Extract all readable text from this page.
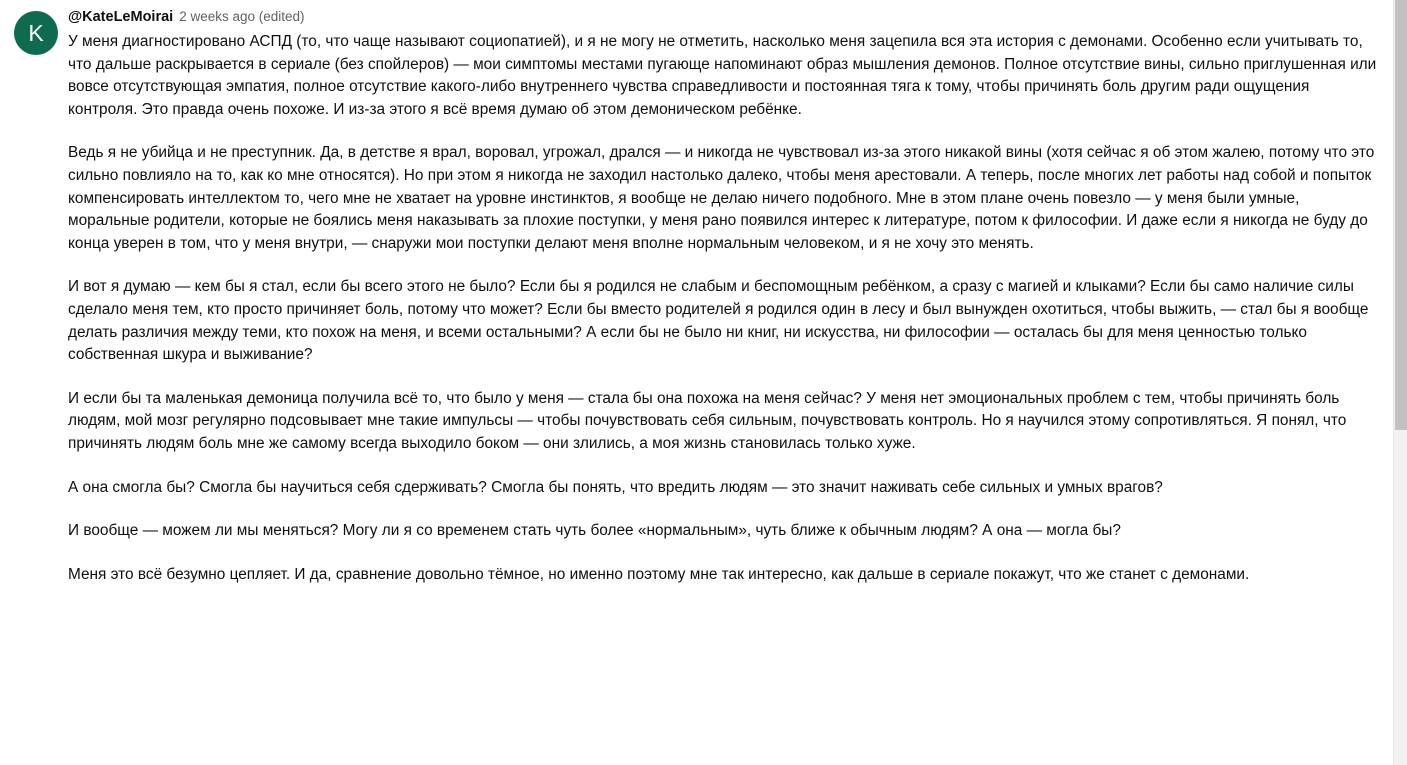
K
@KateLeMoirai 2 weeks ago (edited)

У меня диагностировано АСПД (то, что чаще называют социопатией), и я не могу не отметить, насколько меня зацепила вся эта история с демонами. Особенно если учитывать то, что дальше раскрывается в сериале (без спойлеров) — мои симптомы местами пугающе напоминают образ мышления демонов. Полное отсутствие вины, сильно приглушенная или вовсе отсутствующая эмпатия, полное отсутствие какого-либо внутреннего чувства справедливости и постоянная тяга к тому, чтобы причинять боль другим ради ощущения контроля. Это правда очень похоже. И из-за этого я всё время думаю об этом демоническом ребёнке.

Ведь я не убийца и не преступник. Да, в детстве я врал, воровал, угрожал, дрался — и никогда не чувствовал из-за этого никакой вины (хотя сейчас я об этом жалею, потому что это сильно повлияло на то, как ко мне относятся). Но при этом я никогда не заходил настолько далеко, чтобы меня арестовали. А теперь, после многих лет работы над собой и попыток компенсировать интеллектом то, чего мне не хватает на уровне инстинктов, я вообще не делаю ничего подобного. Мне в этом плане очень повезло — у меня были умные, моральные родители, которые не боялись меня наказывать за плохие поступки, у меня рано появился интерес к литературе, потом к философии. И даже если я никогда не буду до конца уверен в том, что у меня внутри, — снаружи мои поступки делают меня вполне нормальным человеком, и я не хочу это менять.

И вот я думаю — кем бы я стал, если бы всего этого не было? Если бы я родился не слабым и беспомощным ребёнком, а сразу с магией и клыками? Если бы само наличие силы сделало меня тем, кто просто причиняет боль, потому что может? Если бы вместо родителей я родился один в лесу и был вынужден охотиться, чтобы выжить, — стал бы я вообще делать различия между теми, кто похож на меня, и всеми остальными? А если бы не было ни книг, ни искусства, ни философии — осталась бы для меня ценностью только собственная шкура и выживание?

И если бы та маленькая демоница получила всё то, что было у меня — стала бы она похожа на меня сейчас? У меня нет эмоциональных проблем с тем, чтобы причинять боль людям, мой мозг регулярно подсовывает мне такие импульсы — чтобы почувствовать себя сильным, почувствовать контроль. Но я научился этому сопротивляться. Я понял, что причинять людям боль мне же самому всегда выходило боком — они злились, а моя жизнь становилась только хуже.

А она смогла бы? Смогла бы научиться себя сдерживать? Смогла бы понять, что вредить людям — это значит наживать себе сильных и умных врагов?

И вообще — можем ли мы меняться? Могу ли я со временем стать чуть более «нормальным», чуть ближе к обычным людям? А она — могла бы?

Меня это всё безумно цепляет. И да, сравнение довольно тёмное, но именно поэтому мне так интересно, как дальше в сериале покажут, что же станет с демонами.
